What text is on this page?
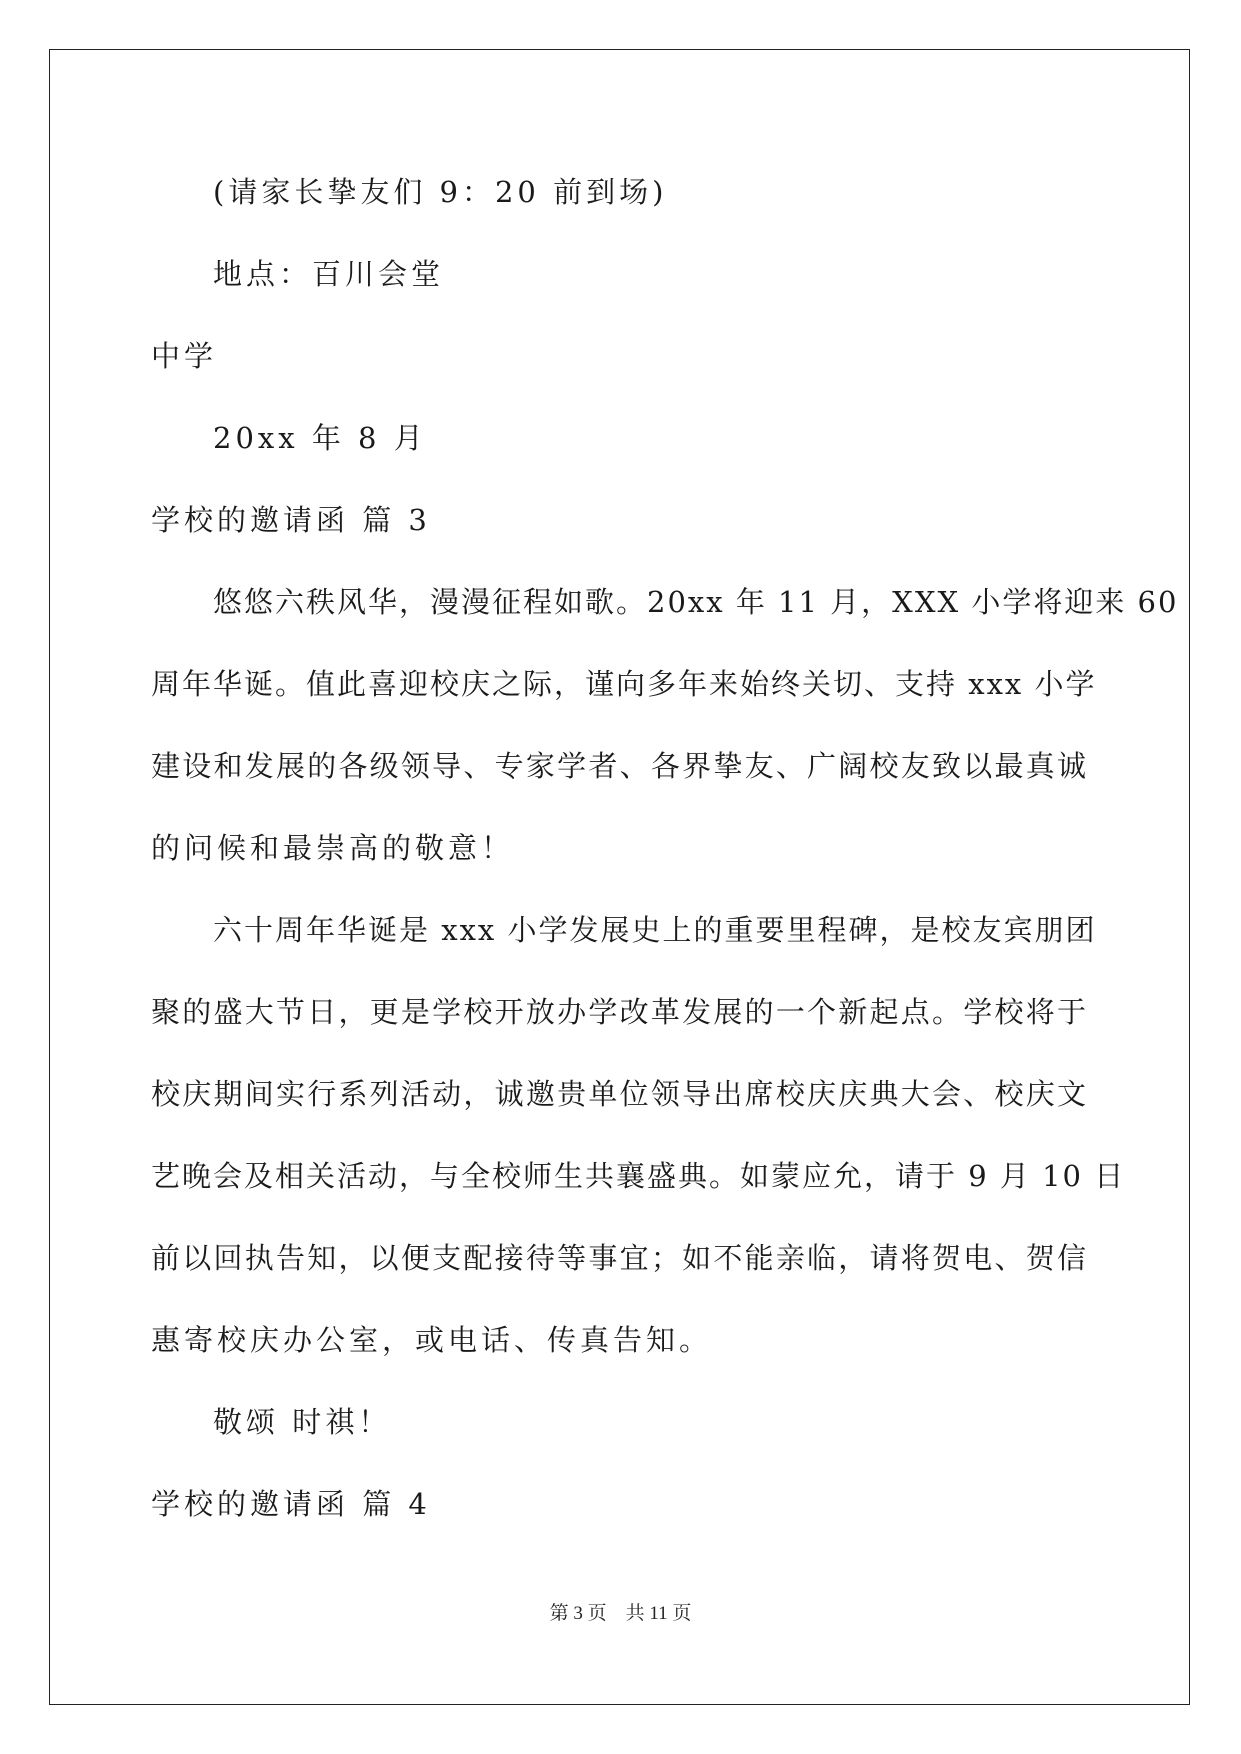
(请家长挚友们 9：20 前到场)
地点：百川会堂
中学
20xx 年 8 月
学校的邀请函 篇 3
悠悠六秩风华，漫漫征程如歌。20xx 年 11 月，XXX 小学将迎来 60
周年华诞。值此喜迎校庆之际，谨向多年来始终关切、支持 xxx 小学
建设和发展的各级领导、专家学者、各界挚友、广阔校友致以最真诚
的问候和最崇高的敬意！
六十周年华诞是 xxx 小学发展史上的重要里程碑，是校友宾朋团
聚的盛大节日，更是学校开放办学改革发展的一个新起点。学校将于
校庆期间实行系列活动，诚邀贵单位领导出席校庆庆典大会、校庆文
艺晚会及相关活动，与全校师生共襄盛典。如蒙应允，请于 9 月 10 日
前以回执告知，以便支配接待等事宜；如不能亲临，请将贺电、贺信
惠寄校庆办公室，或电话、传真告知。
敬颂 时祺！
学校的邀请函 篇 4
第 3 页    共 11 页
